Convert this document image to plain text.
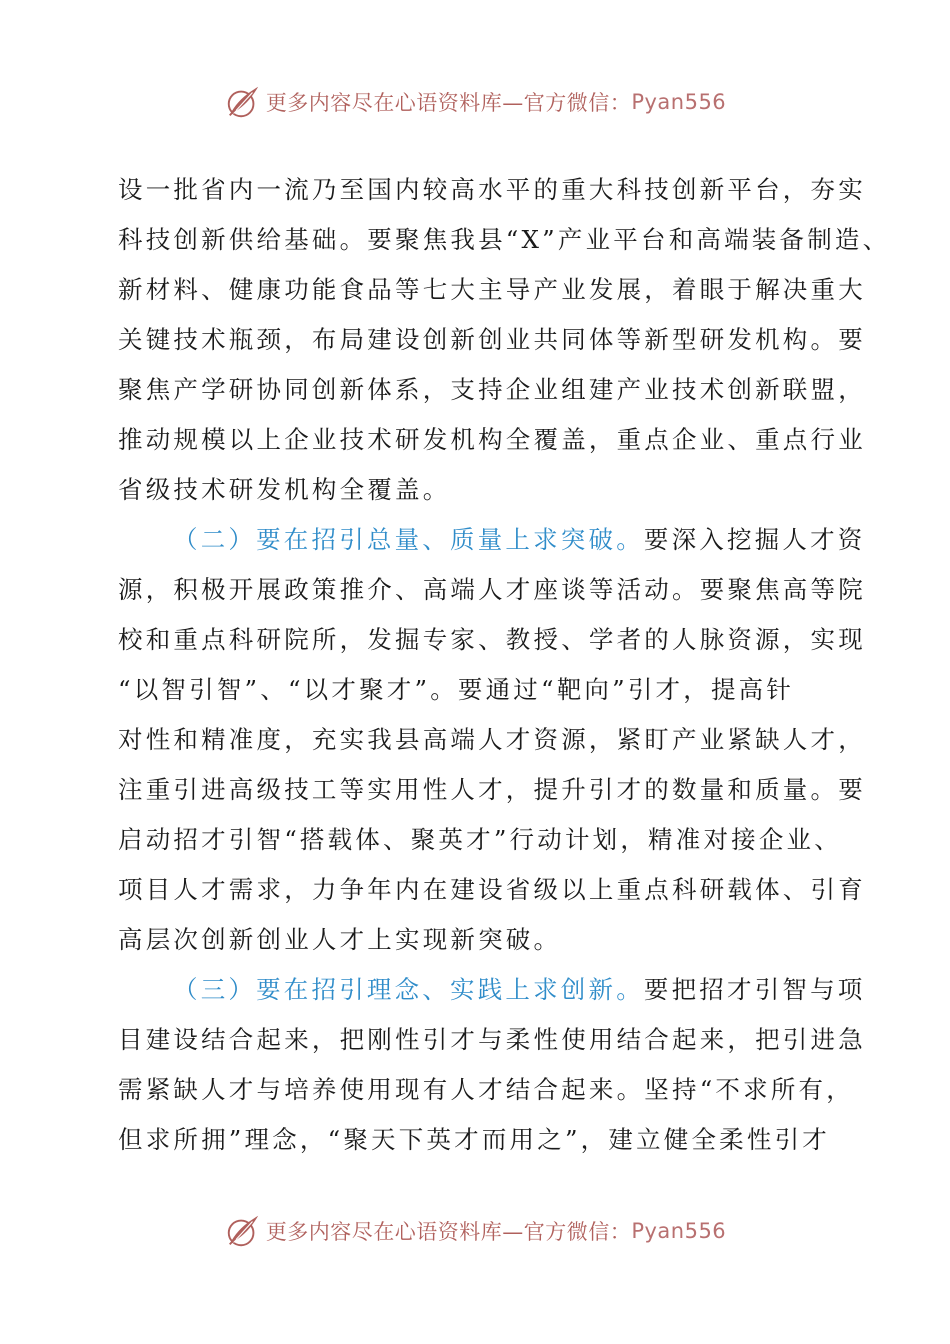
更多内容尽在心语资料库—官方微信： Pyan556
设一批省内一流乃至国内较高水平的重大科技创新平台，夯实
科技创新供给基础。要聚焦我县“X”产业平台和高端装备制造、
新材料、健康功能食品等七大主导产业发展，着眼于解决重大
关键技术瓶颈，布局建设创新创业共同体等新型研发机构。要
聚焦产学研协同创新体系，支持企业组建产业技术创新联盟，
推动规模以上企业技术研发机构全覆盖，重点企业、重点行业
省级技术研发机构全覆盖。
（二）要在招引总量、质量上求突破。要深入挖掘人才资
源，积极开展政策推介、高端人才座谈等活动。要聚焦高等院
校和重点科研院所，发掘专家、教授、学者的人脉资源，实现
“以智引智”、“以才聚才”。要通过“靶向”引才，提高针
对性和精准度，充实我县高端人才资源，紧盯产业紧缺人才，
注重引进高级技工等实用性人才，提升引才的数量和质量。要
启动招才引智“搭载体、聚英才”行动计划，精准对接企业、
项目人才需求，力争年内在建设省级以上重点科研载体、引育
高层次创新创业人才上实现新突破。
（三）要在招引理念、实践上求创新。要把招才引智与项
目建设结合起来，把刚性引才与柔性使用结合起来，把引进急
需紧缺人才与培养使用现有人才结合起来。坚持“不求所有，
但求所拥”理念，“聚天下英才而用之”，建立健全柔性引才
更多内容尽在心语资料库—官方微信： Pyan556
